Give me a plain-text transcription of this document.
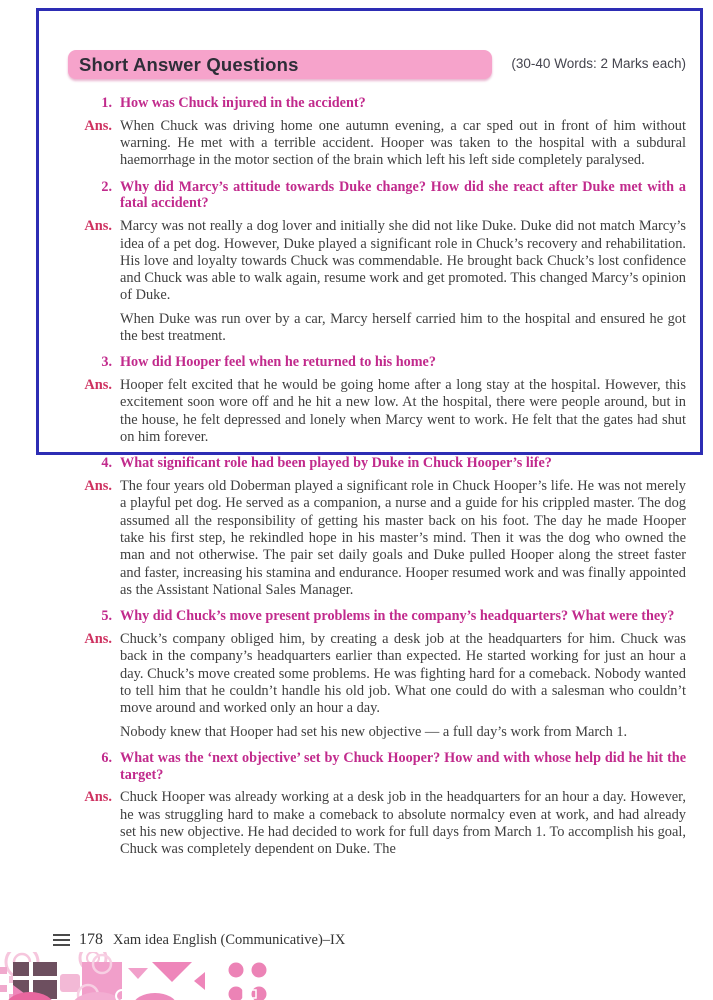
Short Answer Questions	(30-40 Words: 2 Marks each)
1. How was Chuck injured in the accident?
Ans. When Chuck was driving home one autumn evening, a car sped out in front of him without warning. He met with a terrible accident. Hooper was taken to the hospital with a subdural haemorrhage in the motor section of the brain which left his left side completely paralysed.

2. Why did Marcy’s attitude towards Duke change? How did she react after Duke met with a fatal accident?
Ans. Marcy was not really a dog lover and initially she did not like Duke. Duke did not match Marcy’s idea of a pet dog. However, Duke played a significant role in Chuck’s recovery and rehabilitation. His love and loyalty towards Chuck was commendable. He brought back Chuck’s lost confidence and Chuck was able to walk again, resume work and get promoted. This changed Marcy’s opinion of Duke.

When Duke was run over by a car, Marcy herself carried him to the hospital and ensured he got the best treatment.

3. How did Hooper feel when he returned to his home?
Ans. Hooper felt excited that he would be going home after a long stay at the hospital. However, this excitement soon wore off and he hit a new low. At the hospital, there were people around, but in the house, he felt depressed and lonely when Marcy went to work. He felt that the gates had shut on him forever.

4. What significant role had been played by Duke in Chuck Hooper’s life?
Ans. The four years old Doberman played a significant role in Chuck Hooper’s life. He was not merely a playful pet dog. He served as a companion, a nurse and a guide for his crippled master. The dog assumed all the responsibility of getting his master back on his foot. The day he made Hooper take his first step, he rekindled hope in his master’s mind. Then it was the dog who owned the man and not otherwise. The pair set daily goals and Duke pulled Hooper along the street faster and faster, increasing his stamina and endurance. Hooper resumed work and was finally appointed as the Assistant National Sales Manager.

5. Why did Chuck’s move present problems in the company’s headquarters? What were they?
Ans. Chuck’s company obliged him, by creating a desk job at the headquarters for him. Chuck was back in the company’s headquarters earlier than expected. He started working for just an hour a day. Chuck’s move created some problems. He was fighting hard for a comeback. Nobody wanted to tell him that he couldn’t handle his old job. What one could do with a salesman who couldn’t move around and worked only an hour a day.

Nobody knew that Hooper had set his new objective — a full day’s work from March 1.

6. What was the ‘next objective’ set by Chuck Hooper? How and with whose help did he hit the target?
Ans. Chuck Hooper was already working at a desk job in the headquarters for an hour a day. However, he was struggling hard to make a comeback to absolute normalcy even at work, and had already set his new objective. He had decided to work for full days from March 1. To accomplish his goal, Chuck was completely dependent on Duke. The

178 Xam idea English (Communicative)–IX
